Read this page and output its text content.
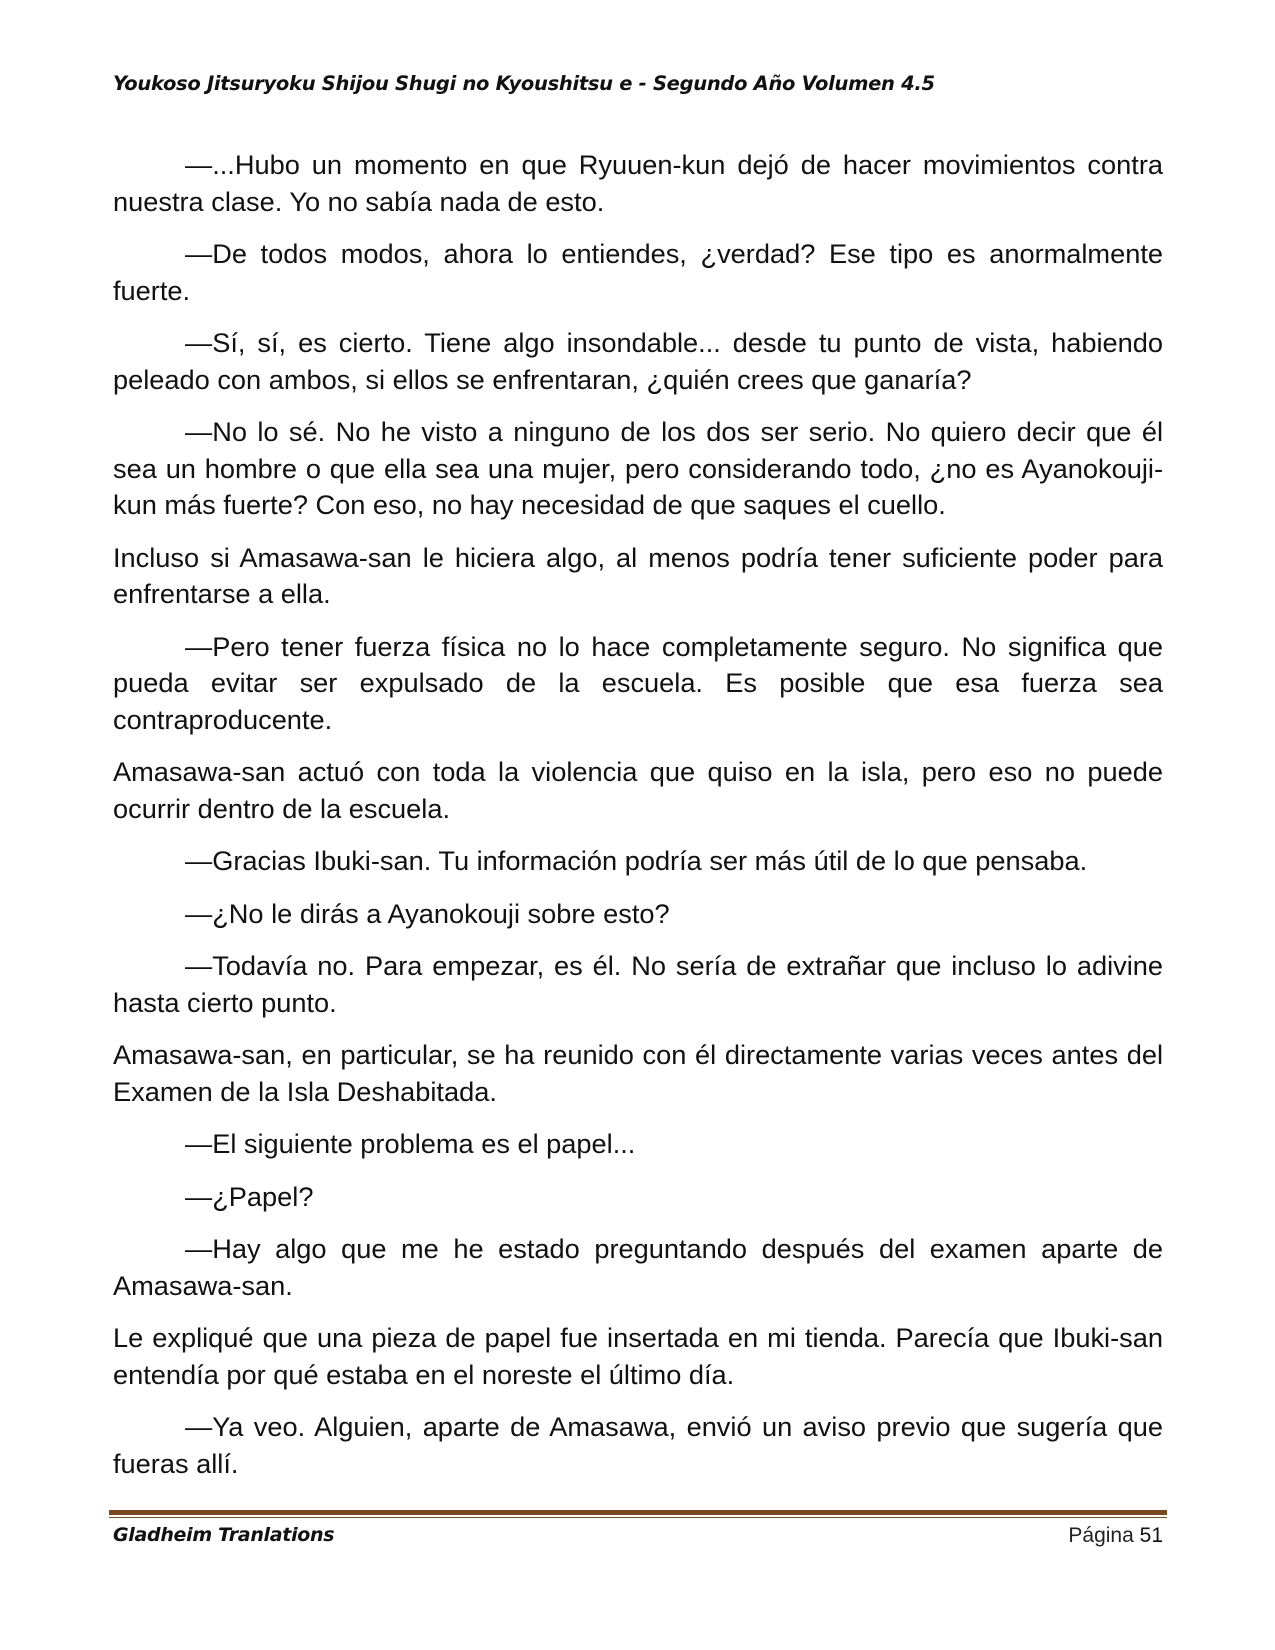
Youkoso Jitsuryoku Shijou Shugi no Kyoushitsu e - Segundo Año Volumen 4.5

—...Hubo un momento en que Ryuuen-kun dejó de hacer movimientos contra nuestra clase. Yo no sabía nada de esto.

—De todos modos, ahora lo entiendes, ¿verdad? Ese tipo es anormalmente fuerte.

—Sí, sí, es cierto. Tiene algo insondable... desde tu punto de vista, habiendo peleado con ambos, si ellos se enfrentaran, ¿quién crees que ganaría?

—No lo sé. No he visto a ninguno de los dos ser serio. No quiero decir que él sea un hombre o que ella sea una mujer, pero considerando todo, ¿no es Ayanokouji-kun más fuerte? Con eso, no hay necesidad de que saques el cuello.

Incluso si Amasawa-san le hiciera algo, al menos podría tener suficiente poder para enfrentarse a ella.

—Pero tener fuerza física no lo hace completamente seguro. No significa que pueda evitar ser expulsado de la escuela. Es posible que esa fuerza sea contraproducente.

Amasawa-san actuó con toda la violencia que quiso en la isla, pero eso no puede ocurrir dentro de la escuela.

—Gracias Ibuki-san. Tu información podría ser más útil de lo que pensaba.

—¿No le dirás a Ayanokouji sobre esto?

—Todavía no. Para empezar, es él. No sería de extrañar que incluso lo adivine hasta cierto punto.

Amasawa-san, en particular, se ha reunido con él directamente varias veces antes del Examen de la Isla Deshabitada.

—El siguiente problema es el papel...

—¿Papel?

—Hay algo que me he estado preguntando después del examen aparte de Amasawa-san.

Le expliqué que una pieza de papel fue insertada en mi tienda. Parecía que Ibuki-san entendía por qué estaba en el noreste el último día.

—Ya veo. Alguien, aparte de Amasawa, envió un aviso previo que sugería que fueras allí.

Gladheim Tranlations	Página 51
